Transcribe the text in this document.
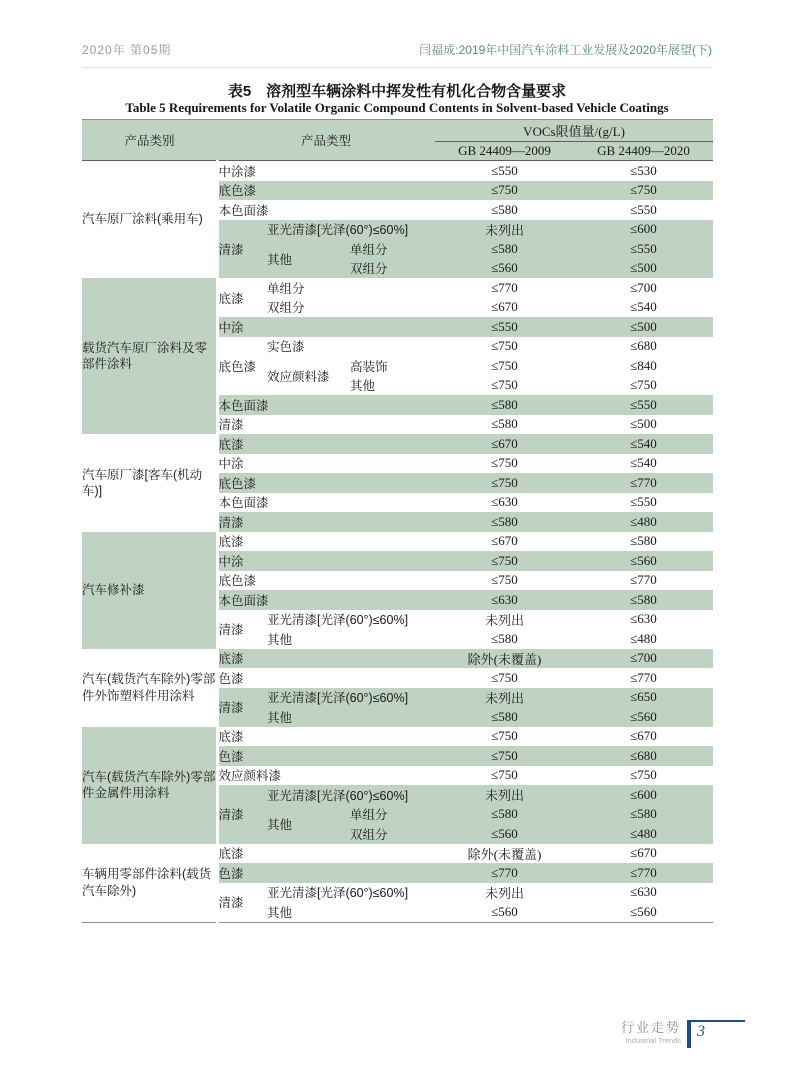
2020年 第05期	闫福成:2019年中国汽车涂料工业发展及2020年展望(下)
表5　溶剂型车辆涂料中挥发性有机化合物含量要求
Table 5 Requirements for Volatile Organic Compound Contents in Solvent-based Vehicle Coatings
产品类别	产品类型			VOCs限值量/(g/L)	
				GB 24409—2009	GB 24409—2020
汽车原厂涂料(乘用车)	中涂漆			≤550	≤530
	底色漆			≤750	≤750
	本色面漆			≤580	≤550
	清漆	亚光清漆[光泽(60°)≤60%]		未列出	≤600
		其他	单组分	≤580	≤550
			双组分	≤560	≤500
载货汽车原厂涂料及零部件涂料	底漆	单组分		≤770	≤700
		双组分		≤670	≤540
	中涂			≤550	≤500
	底色漆	实色漆		≤750	≤680
		效应颜料漆	高装饰	≤750	≤840
			其他	≤750	≤750
	本色面漆			≤580	≤550
	清漆			≤580	≤500
汽车原厂漆[客车(机动车)]	底漆			≤670	≤540
	中涂			≤750	≤540
	底色漆			≤750	≤770
	本色面漆			≤630	≤550
	清漆			≤580	≤480
汽车修补漆	底漆			≤670	≤580
	中涂			≤750	≤560
	底色漆			≤750	≤770
	本色面漆			≤630	≤580
	清漆	亚光清漆[光泽(60°)≤60%]		未列出	≤630
		其他		≤580	≤480
汽车(载货汽车除外)零部件外饰塑料件用涂料	底漆			除外(未覆盖)	≤700
	色漆			≤750	≤770
	清漆	亚光清漆[光泽(60°)≤60%]		未列出	≤650
		其他		≤580	≤560
汽车(载货汽车除外)零部件金属件用涂料	底漆			≤750	≤670
	色漆			≤750	≤680
	效应颜料漆			≤750	≤750
	清漆	亚光清漆[光泽(60°)≤60%]		未列出	≤600
		其他	单组分	≤580	≤580
			双组分	≤560	≤480
车辆用零部件涂料(载货汽车除外)	底漆			除外(未覆盖)	≤670
	色漆			≤770	≤770
	清漆	亚光清漆[光泽(60°)≤60%]		未列出	≤630
		其他		≤560	≤560
行业走势
Industrial Trends
3
